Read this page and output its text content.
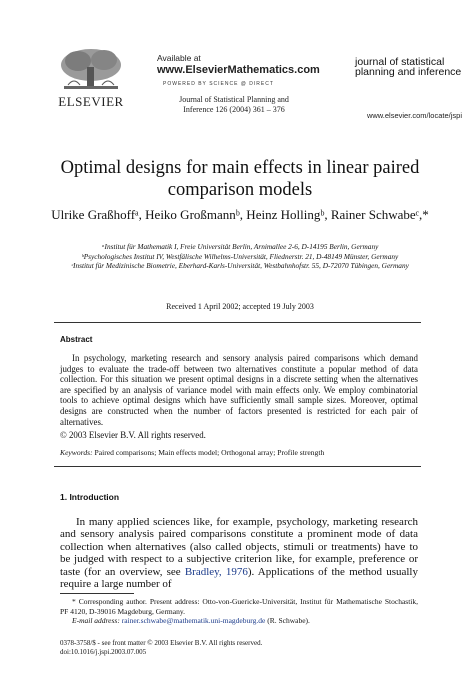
ELSEVIER
Available at
www.ElsevierMathematics.com
POWERED BY SCIENCE @ DIRECT
Journal of Statistical Planning and
Inference 126 (2004) 361 – 376
journal of statistical planning and inference
www.elsevier.com/locate/jspi
Optimal designs for main effects in linear paired comparison models
Ulrike Graßhoffᵃ, Heiko Großmannᵇ, Heinz Hollingᵇ, Rainer Schwabeᶜ,*
ᵃInstitut für Mathematik I, Freie Universität Berlin, Arnimallee 2-6, D-14195 Berlin, Germany
ᵇPsychologisches Institut IV, Westfälische Wilhelms-Universität, Fliednerstr. 21, D-48149 Münster, Germany
ᶜInstitut für Medizinische Biometrie, Eberhard-Karls-Universität, Westbahnhofstr. 55, D-72070 Tübingen, Germany
Received 1 April 2002; accepted 19 July 2003
Abstract

In psychology, marketing research and sensory analysis paired comparisons which demand judges to evaluate the trade-off between two alternatives constitute a popular method of data collection. For this situation we present optimal designs in a discrete setting when the alternatives are specified by an analysis of variance model with main effects only. We employ combinatorial tools to achieve optimal designs which have sufficiently small sample sizes. Moreover, optimal designs are constructed when the number of factors presented is restricted for each pair of alternatives.

© 2003 Elsevier B.V. All rights reserved.
Keywords: Paired comparisons; Main effects model; Orthogonal array; Profile strength
1. Introduction

In many applied sciences like, for example, psychology, marketing research and sensory analysis paired comparisons constitute a prominent mode of data collection when alternatives (also called objects, stimuli or treatments) have to be judged with respect to a subjective criterion like, for example, preference or taste (for an overview, see Bradley, 1976). Applications of the method usually require a large number of

* Corresponding author. Present address: Otto-von-Guericke-Universität, Institut für Mathematische Stochastik, PF 4120, D-39016 Magdeburg, Germany.

E-mail address: rainer.schwabe@mathematik.uni-magdeburg.de (R. Schwabe).

0378-3758/$ - see front matter © 2003 Elsevier B.V. All rights reserved.
doi:10.1016/j.jspi.2003.07.005
